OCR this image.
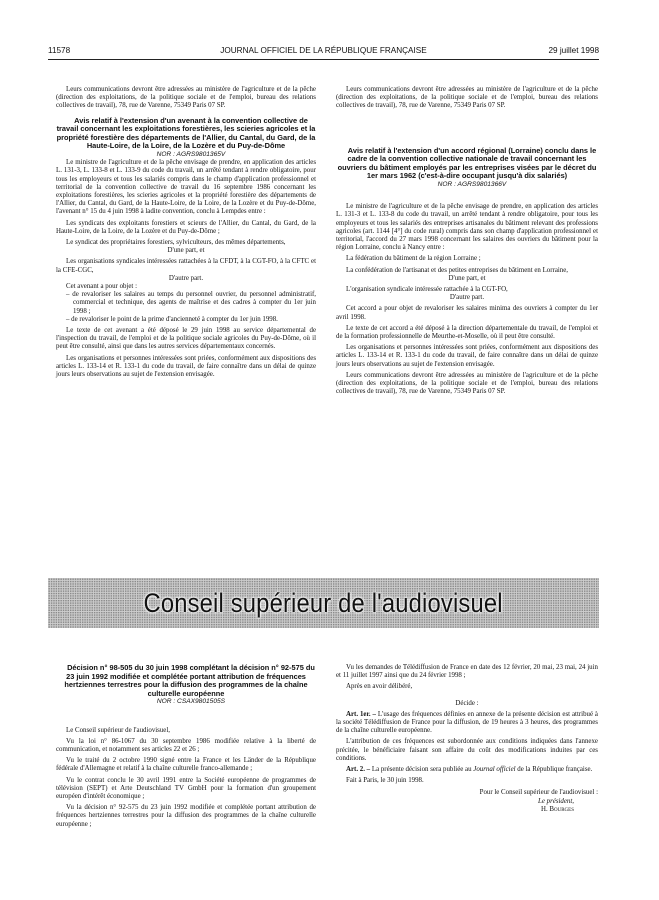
11578	JOURNAL OFFICIEL DE LA RÉPUBLIQUE FRANÇAISE	29 juillet 1998

Leurs communications devront être adressées au ministère de l'agriculture et de la pêche (direction des exploitations, de la politique sociale et de l'emploi, bureau des relations collectives de travail), 78, rue de Varenne, 75349 Paris 07 SP.

Avis relatif à l'extension d'un avenant à la convention collective de travail concernant les exploitations forestières, les scieries agricoles et la propriété forestière des départements de l'Allier, du Cantal, du Gard, de la Haute-Loire, de la Loire, de la Lozère et du Puy-de-Dôme

NOR : AGRS9801365V

Le ministre de l'agriculture et de la pêche envisage de prendre, en application des articles L. 131-3, L. 133-8 et L. 133-9 du code du travail, un arrêté tendant à rendre obligatoire, pour tous les employeurs et tous les salariés compris dans le champ d'application professionnel et territorial de la convention collective de travail du 16 septembre 1986 concernant les exploitations forestières, les scieries agricoles et la propriété forestière des départements de l'Allier, du Cantal, du Gard, de la Haute-Loire, de la Loire, de la Lozère et du Puy-de-Dôme, l'avenant n° 15 du 4 juin 1998 à ladite convention, conclu à Lempdes entre :

Les syndicats des exploitants forestiers et scieurs de l'Allier, du Cantal, du Gard, de la Haute-Loire, de la Loire, de la Lozère et du Puy-de-Dôme ;

Le syndicat des propriétaires forestiers, sylviculteurs, des mêmes départements,

D'une part, et

Les organisations syndicales intéressées rattachées à la CFDT, à la CGT-FO, à la CFTC et la CFE-CGC,

D'autre part.

Cet avenant a pour objet :

– de revaloriser les salaires au temps du personnel ouvrier, du personnel administratif, commercial et technique, des agents de maîtrise et des cadres à compter du 1er juin 1998 ;

– de revaloriser le point de la prime d'ancienneté à compter du 1er juin 1998.

Le texte de cet avenant a été déposé le 29 juin 1998 au service départemental de l'inspection du travail, de l'emploi et de la politique sociale agricoles du Puy-de-Dôme, où il peut être consulté, ainsi que dans les autres services départementaux concernés.

Les organisations et personnes intéressées sont priées, conformément aux dispositions des articles L. 133-14 et R. 133-1 du code du travail, de faire connaître dans un délai de quinze jours leurs observations au sujet de l'extension envisagée.

Leurs communications devront être adressées au ministère de l'agriculture et de la pêche (direction des exploitations, de la politique sociale et de l'emploi, bureau des relations collectives de travail), 78, rue de Varenne, 75349 Paris 07 SP.

Avis relatif à l'extension d'un accord régional (Lorraine) conclu dans le cadre de la convention collective nationale de travail concernant les ouvriers du bâtiment employés par les entreprises visées par le décret du 1er mars 1962 (c'est-à-dire occupant jusqu'à dix salariés)

NOR : AGRS9801366V

Le ministre de l'agriculture et de la pêche envisage de prendre, en application des articles L. 131-3 et L. 133-8 du code du travail, un arrêté tendant à rendre obligatoire, pour tous les employeurs et tous les salariés des entreprises artisanales du bâtiment relevant des professions agricoles (art. 1144 [4°] du code rural) compris dans son champ d'application professionnel et territorial, l'accord du 27 mars 1998 concernant les salaires des ouvriers du bâtiment pour la région Lorraine, conclu à Nancy entre :

La fédération du bâtiment de la région Lorraine ;

La confédération de l'artisanat et des petites entreprises du bâtiment en Lorraine,

D'une part, et

L'organisation syndicale intéressée rattachée à la CGT-FO,

D'autre part.

Cet accord a pour objet de revaloriser les salaires minima des ouvriers à compter du 1er avril 1998.

Le texte de cet accord a été déposé à la direction départementale du travail, de l'emploi et de la formation professionnelle de Meurthe-et-Moselle, où il peut être consulté.

Les organisations et personnes intéressées sont priées, conformément aux dispositions des articles L. 133-14 et R. 133-1 du code du travail, de faire connaître dans un délai de quinze jours leurs observations au sujet de l'extension envisagée.

Leurs communications devront être adressées au ministère de l'agriculture et de la pêche (direction des exploitations, de la politique sociale et de l'emploi, bureau des relations collectives de travail), 78, rue de Varenne, 75349 Paris 07 SP.

Conseil supérieur de l'audiovisuel

Décision n° 98-505 du 30 juin 1998 complétant la décision n° 92-575 du 23 juin 1992 modifiée et complétée portant attribution de fréquences hertziennes terrestres pour la diffusion des programmes de la chaîne culturelle européenne

NOR : CSAX9801505S

Le Conseil supérieur de l'audiovisuel,

Vu la loi n° 86-1067 du 30 septembre 1986 modifiée relative à la liberté de communication, et notamment ses articles 22 et 26 ;

Vu le traité du 2 octobre 1990 signé entre la France et les Länder de la République fédérale d'Allemagne et relatif à la chaîne culturelle franco-allemande ;

Vu le contrat conclu le 30 avril 1991 entre la Société européenne de programmes de télévision (SEPT) et Arte Deutschland TV GmbH pour la formation d'un groupement européen d'intérêt économique ;

Vu la décision n° 92-575 du 23 juin 1992 modifiée et complétée portant attribution de fréquences hertziennes terrestres pour la diffusion des programmes de la chaîne culturelle européenne ;

Vu les demandes de Télédiffusion de France en date des 12 février, 20 mai, 23 mai, 24 juin et 11 juillet 1997 ainsi que du 24 février 1998 ;

Après en avoir délibéré,

Décide :

Art. 1er. – L'usage des fréquences définies en annexe de la présente décision est attribué à la société Télédiffusion de France pour la diffusion, de 19 heures à 3 heures, des programmes de la chaîne culturelle européenne.

L'attribution de ces fréquences est subordonnée aux conditions indiquées dans l'annexe précitée, le bénéficiaire faisant son affaire du coût des modifications induites par ces conditions.

Art. 2. – La présente décision sera publiée au Journal officiel de la République française.

Fait à Paris, le 30 juin 1998.

Pour le Conseil supérieur de l'audiovisuel :

Le président,

H. Bourges
